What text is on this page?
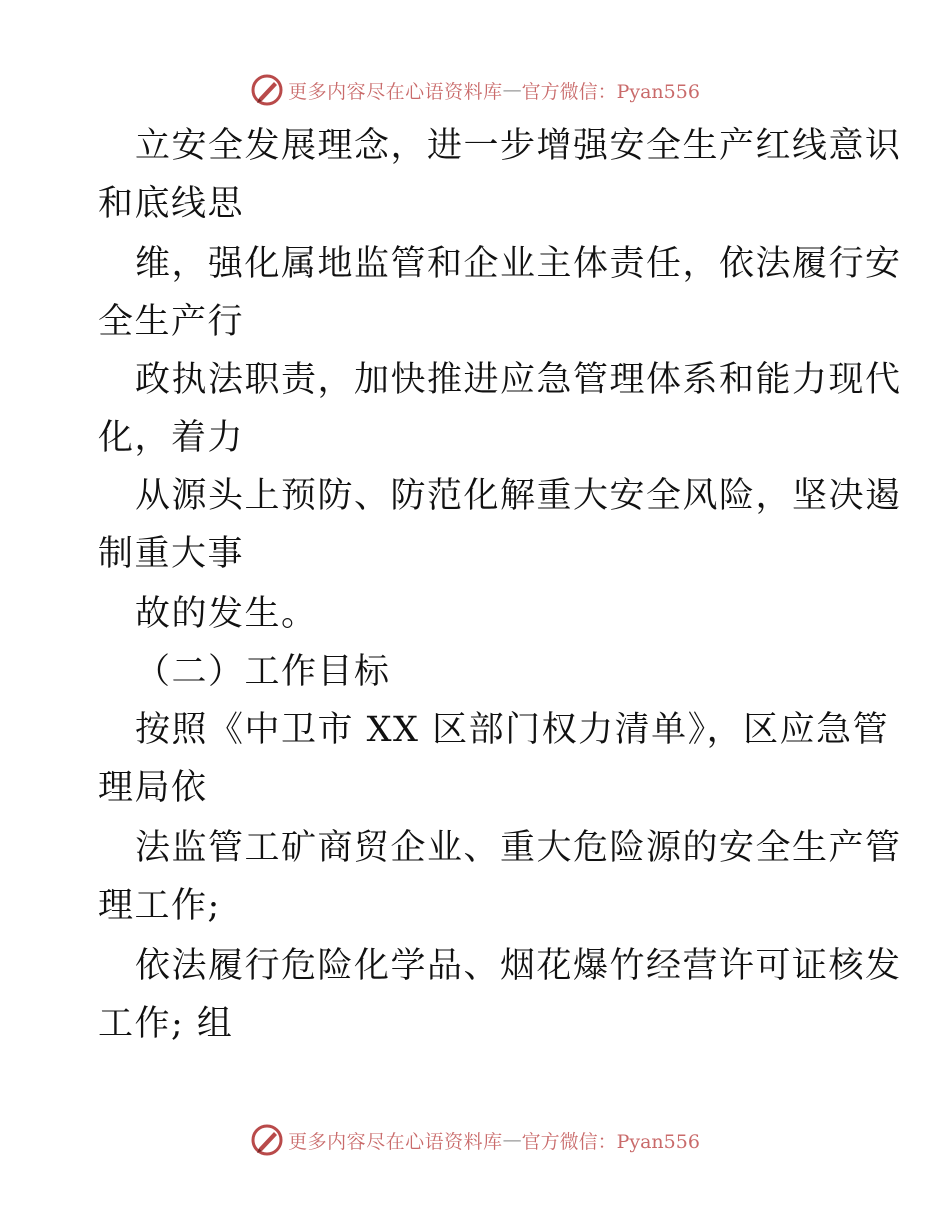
更多内容尽在心语资料库 — 官方微信：Pyan556
立安全发展理念，进一步增强安全生产红线意识
和底线思
维，强化属地监管和企业主体责任，依法履行安
全生产行
政执法职责，加快推进应急管理体系和能力现代
化，着力
从源头上预防、防范化解重大安全风险，坚决遏
制重大事
故的发生。
（二）工作目标
按照《中卫市 XX 区部门权力清单》，区应急管
理局依
法监管工矿商贸企业、重大危险源的安全生产管
理工作;
依法履行危险化学品、烟花爆竹经营许可证核发
工作; 组
更多内容尽在心语资料库 — 官方微信：Pyan556
